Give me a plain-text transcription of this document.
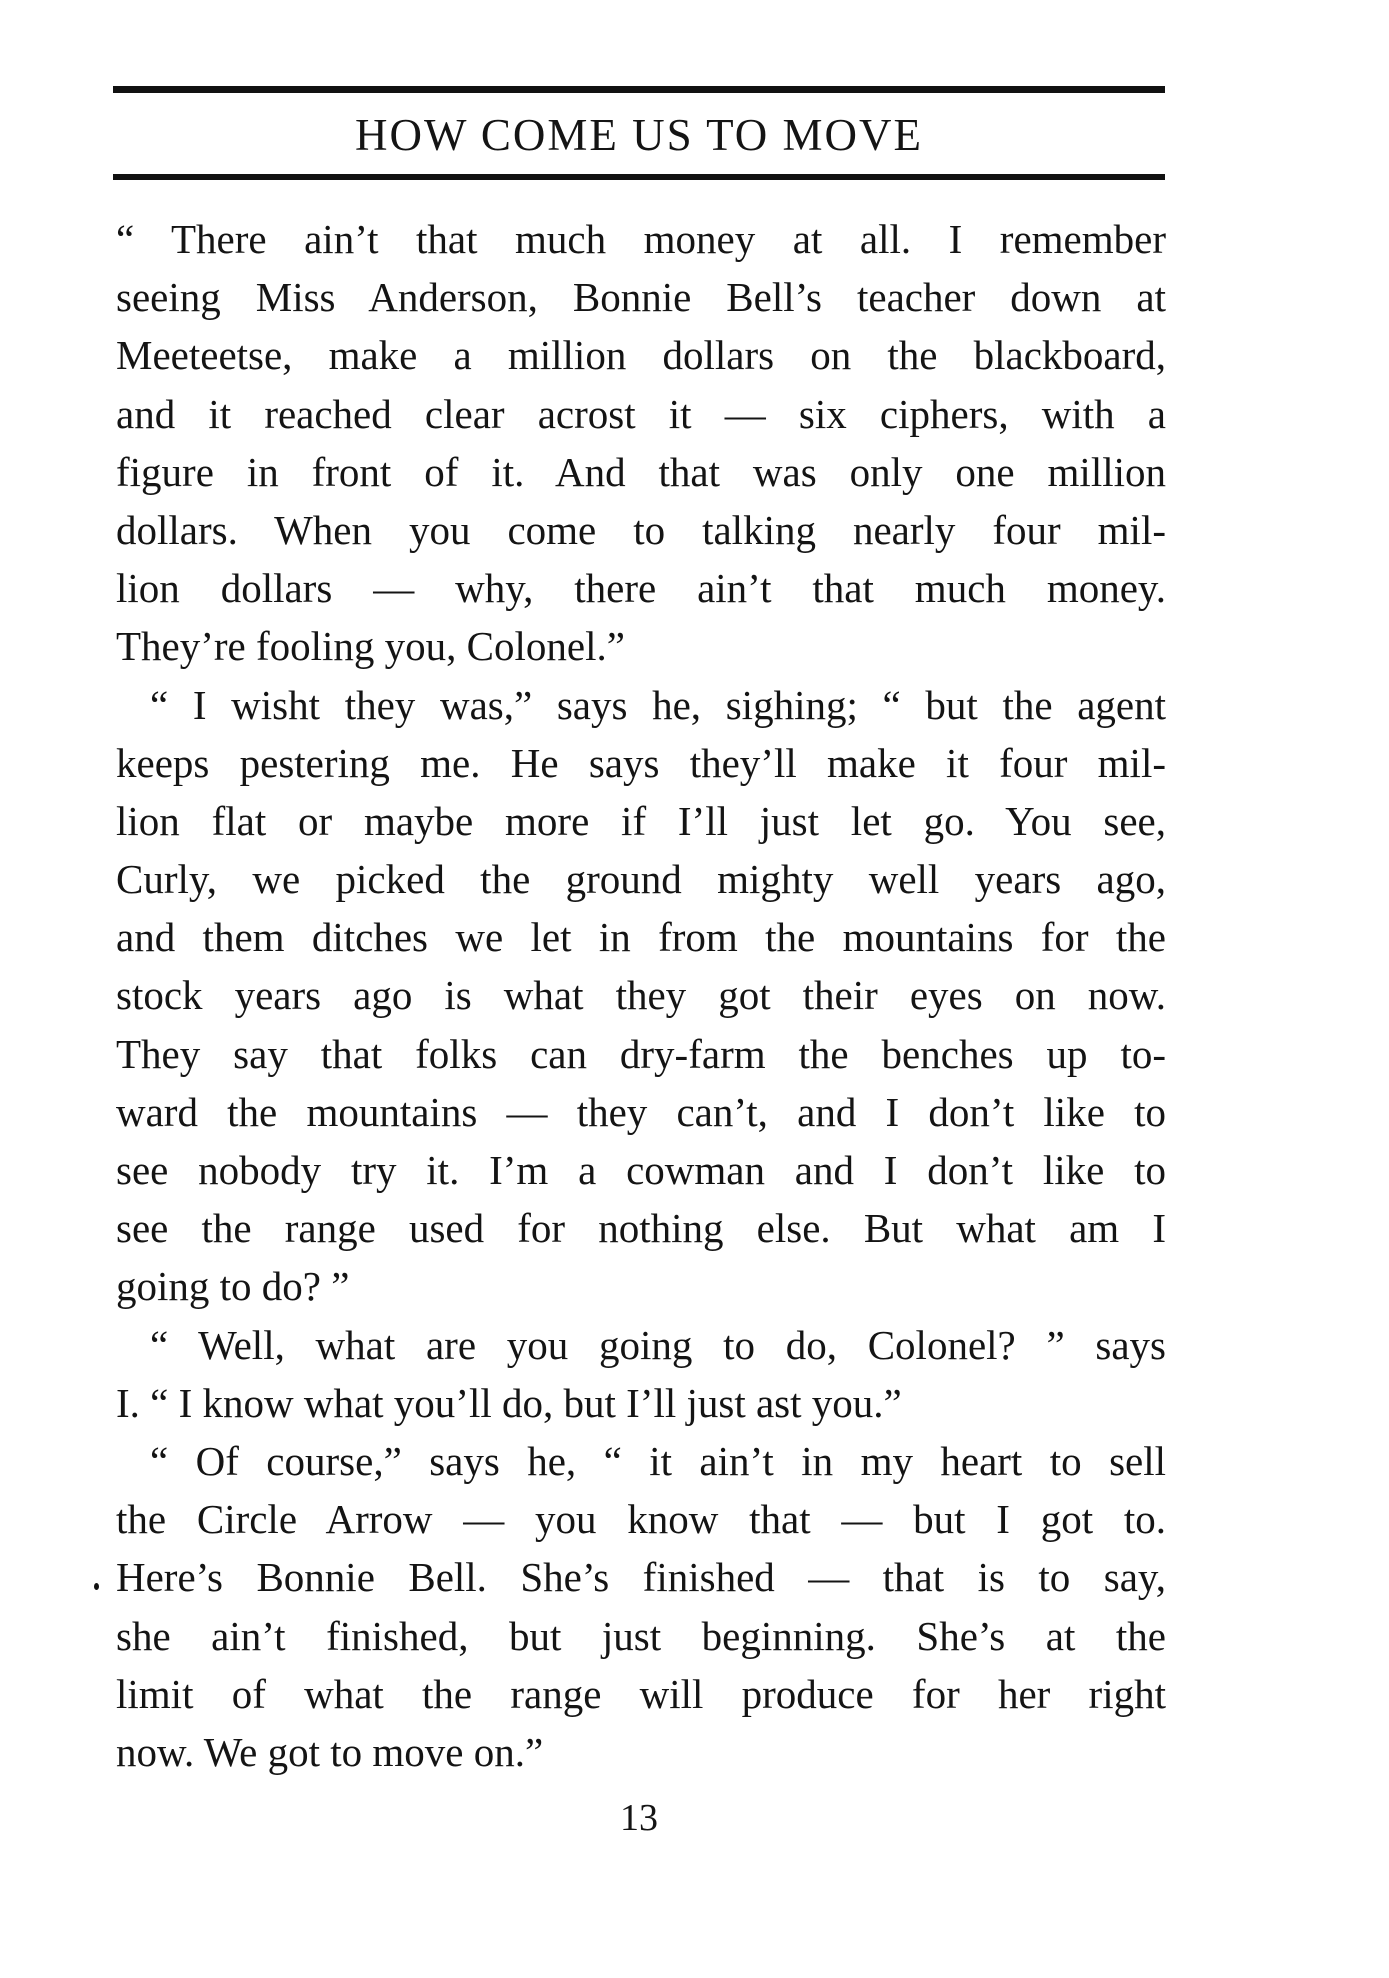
HOW COME US TO MOVE
“ There ain’t that much money at all. I remember
seeing Miss Anderson, Bonnie Bell’s teacher down at
Meeteetse, make a million dollars on the blackboard,
and it reached clear acrost it — six ciphers, with a
figure in front of it. And that was only one million
dollars. When you come to talking nearly four mil-
lion dollars — why, there ain’t that much money.
They’re fooling you, Colonel.”
“ I wisht they was,” says he, sighing; “ but the agent
keeps pestering me. He says they’ll make it four mil-
lion flat or maybe more if I’ll just let go. You see,
Curly, we picked the ground mighty well years ago,
and them ditches we let in from the mountains for the
stock years ago is what they got their eyes on now.
They say that folks can dry-farm the benches up to-
ward the mountains — they can’t, and I don’t like to
see nobody try it. I’m a cowman and I don’t like to
see the range used for nothing else. But what am I
going to do? ”
“ Well, what are you going to do, Colonel? ” says
I. “ I know what you’ll do, but I’ll just ast you.”
“ Of course,” says he, “ it ain’t in my heart to sell
the Circle Arrow — you know that — but I got to.
Here’s Bonnie Bell. She’s finished — that is to say,
she ain’t finished, but just beginning. She’s at the
limit of what the range will produce for her right
now. We got to move on.”
13
